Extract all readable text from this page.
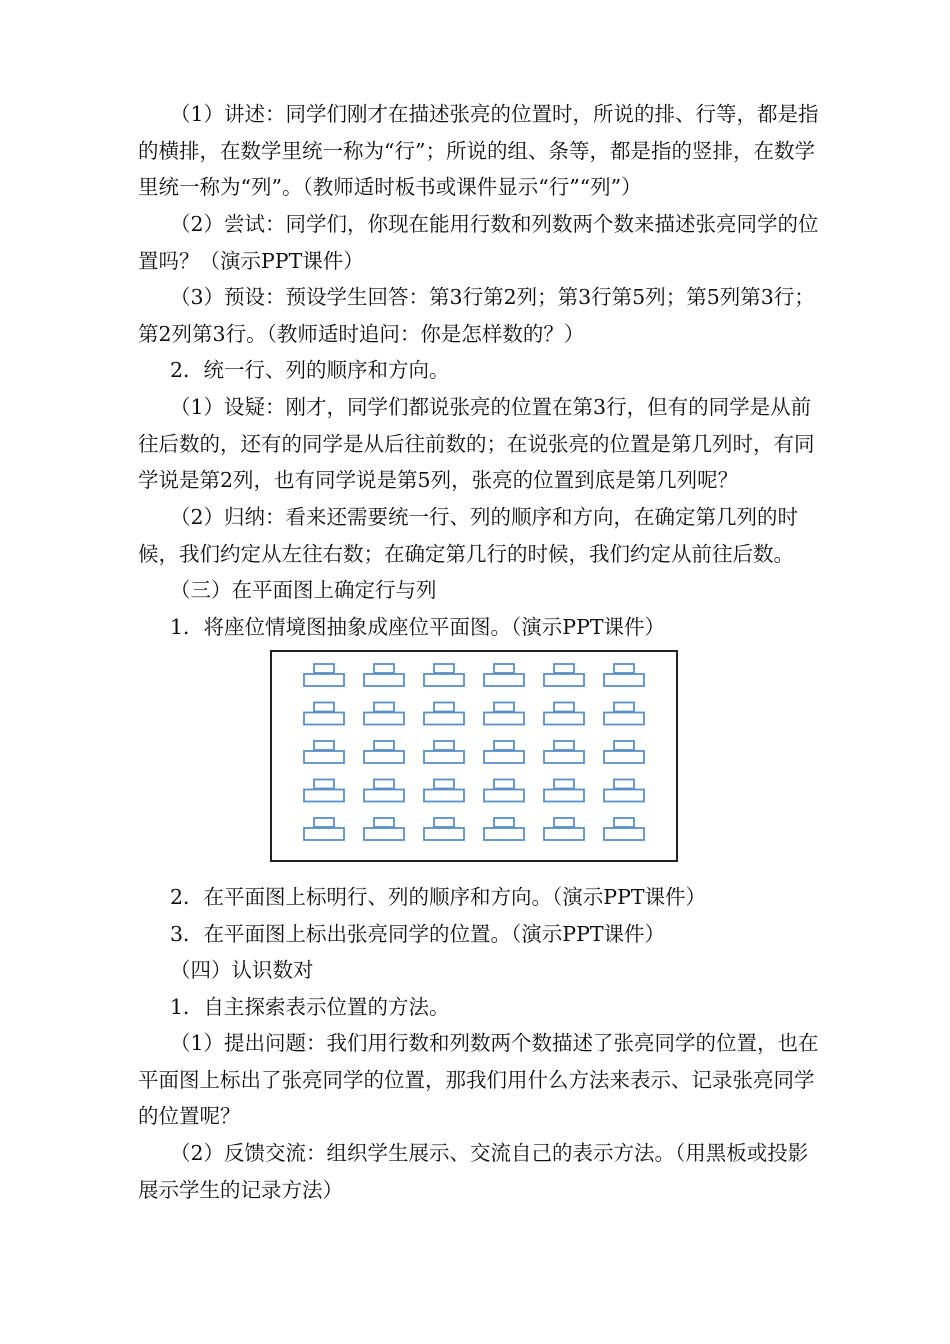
（1）讲述：同学们刚才在描述张亮的位置时，所说的排、行等，都是指的横排，在数学里统一称为“行”；所说的组、条等，都是指的竖排，在数学里统一称为“列”。（教师适时板书或课件显示“行”“列”）

（2）尝试：同学们，你现在能用行数和列数两个数来描述张亮同学的位置吗？（演示PPT课件）

（3）预设：预设学生回答：第3行第2列；第3行第5列；第5列第3行；第2列第3行。（教师适时追问：你是怎样数的？）

2．统一行、列的顺序和方向。

（1）设疑：刚才，同学们都说张亮的位置在第3行，但有的同学是从前往后数的，还有的同学是从后往前数的；在说张亮的位置是第几列时，有同学说是第2列，也有同学说是第5列，张亮的位置到底是第几列呢？

（2）归纳：看来还需要统一行、列的顺序和方向，在确定第几列的时候，我们约定从左往右数；在确定第几行的时候，我们约定从前往后数。

（三）在平面图上确定行与列

1．将座位情境图抽象成座位平面图。（演示PPT课件）

2．在平面图上标明行、列的顺序和方向。（演示PPT课件）

3．在平面图上标出张亮同学的位置。（演示PPT课件）

（四）认识数对

1．自主探索表示位置的方法。

（1）提出问题：我们用行数和列数两个数描述了张亮同学的位置，也在平面图上标出了张亮同学的位置，那我们用什么方法来表示、记录张亮同学的位置呢？

（2）反馈交流：组织学生展示、交流自己的表示方法。（用黑板或投影展示学生的记录方法）
